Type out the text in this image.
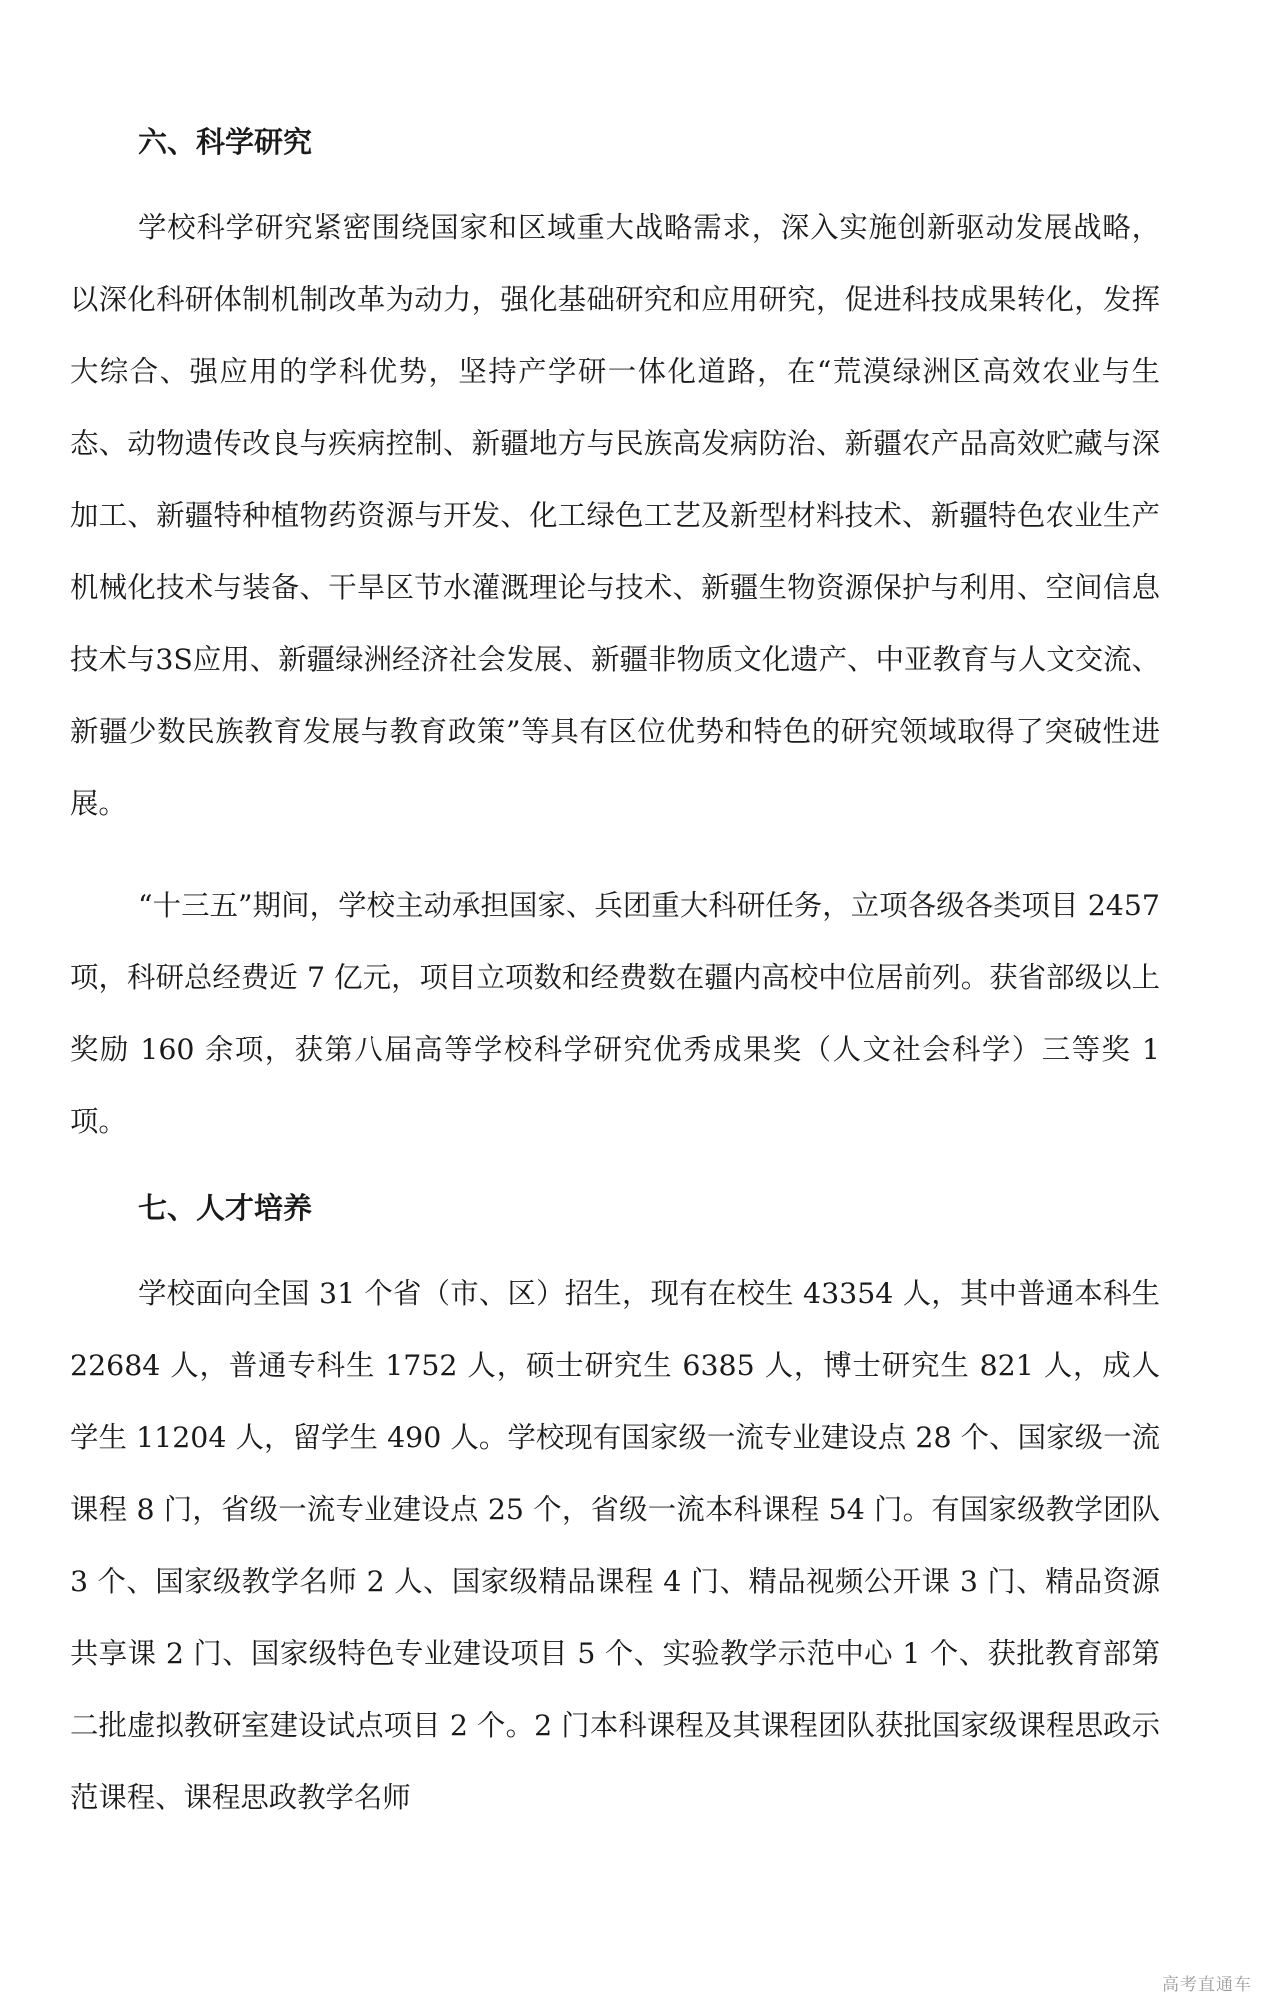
六、科学研究

学校科学研究紧密围绕国家和区域重大战略需求，深入实施创新驱动发展战略，以深化科研体制机制改革为动力，强化基础研究和应用研究，促进科技成果转化，发挥大综合、强应用的学科优势，坚持产学研一体化道路，在“荒漠绿洲区高效农业与生态、动物遗传改良与疾病控制、新疆地方与民族高发病防治、新疆农产品高效贮藏与深加工、新疆特种植物药资源与开发、化工绿色工艺及新型材料技术、新疆特色农业生产机械化技术与装备、干旱区节水灌溉理论与技术、新疆生物资源保护与利用、空间信息技术与3S应用、新疆绿洲经济社会发展、新疆非物质文化遗产、中亚教育与人文交流、新疆少数民族教育发展与教育政策”等具有区位优势和特色的研究领域取得了突破性进展。

“十三五”期间，学校主动承担国家、兵团重大科研任务，立项各级各类项目 2457 项，科研总经费近 7 亿元，项目立项数和经费数在疆内高校中位居前列。获省部级以上奖励 160 余项，获第八届高等学校科学研究优秀成果奖（人文社会科学）三等奖 1 项。

七、人才培养

学校面向全国 31 个省（市、区）招生，现有在校生 43354 人，其中普通本科生 22684 人，普通专科生 1752 人，硕士研究生 6385 人，博士研究生 821 人，成人学生 11204 人，留学生 490 人。学校现有国家级一流专业建设点 28 个、国家级一流课程 8 门，省级一流专业建设点 25 个，省级一流本科课程 54 门。有国家级教学团队 3 个、国家级教学名师 2 人、国家级精品课程 4 门、精品视频公开课 3 门、精品资源共享课 2 门、国家级特色专业建设项目 5 个、实验教学示范中心 1 个、获批教育部第二批虚拟教研室建设试点项目 2 个。2 门本科课程及其课程团队获批国家级课程思政示范课程、课程思政教学名师

高考直通车
